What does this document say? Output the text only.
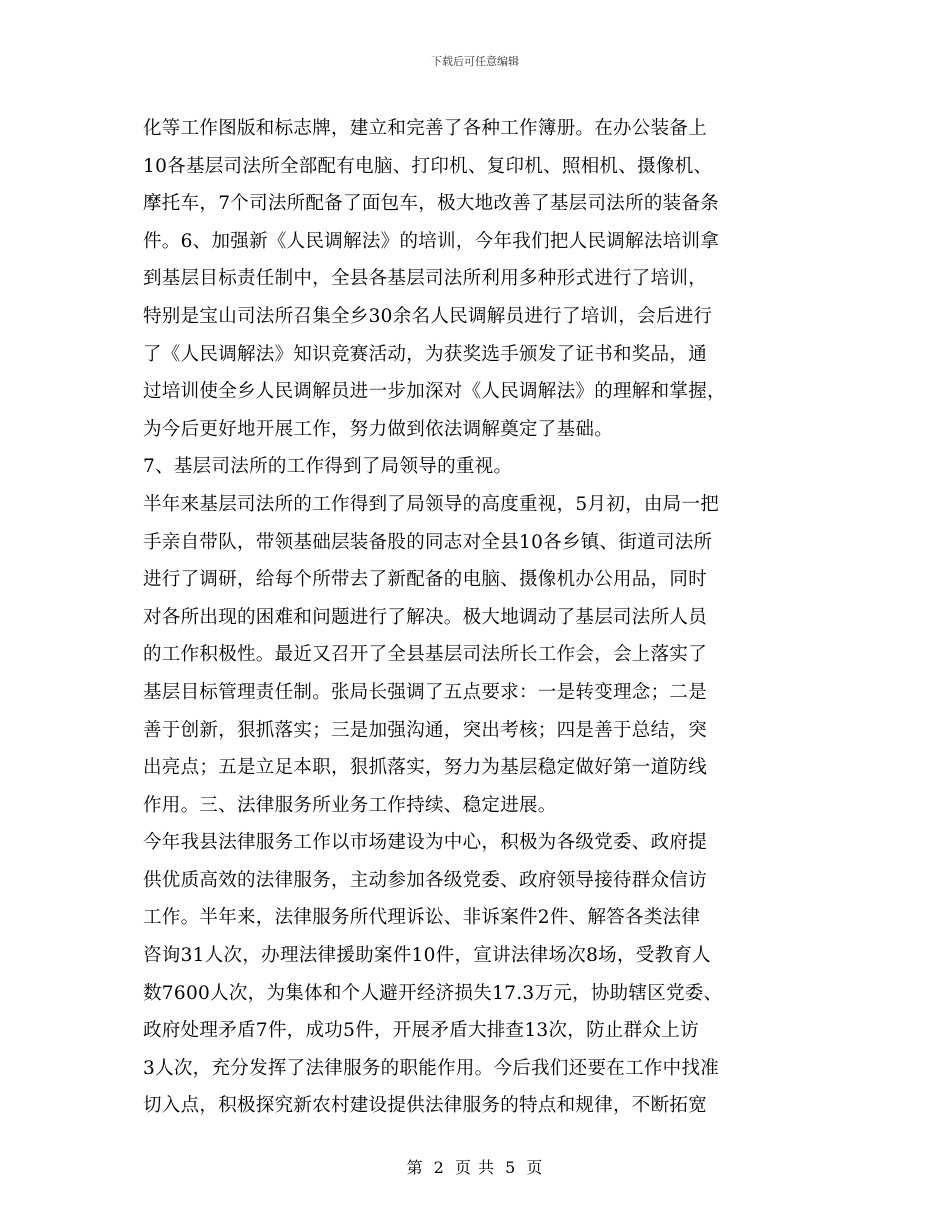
下载后可任意编辑
化等工作图版和标志牌，建立和完善了各种工作簿册。在办公装备上
10各基层司法所全部配有电脑、打印机、复印机、照相机、摄像机、
摩托车，7个司法所配备了面包车，极大地改善了基层司法所的装备条
件。6、加强新《人民调解法》的培训，今年我们把人民调解法培训拿
到基层目标责任制中，全县各基层司法所利用多种形式进行了培训，
特别是宝山司法所召集全乡30余名人民调解员进行了培训，会后进行
了《人民调解法》知识竞赛活动，为获奖选手颁发了证书和奖品，通
过培训使全乡人民调解员进一步加深对《人民调解法》的理解和掌握，
为今后更好地开展工作，努力做到依法调解奠定了基础。
7、基层司法所的工作得到了局领导的重视。
半年来基层司法所的工作得到了局领导的高度重视，5月初，由局一把
手亲自带队，带领基础层装备股的同志对全县10各乡镇、街道司法所
进行了调研，给每个所带去了新配备的电脑、摄像机办公用品，同时
对各所出现的困难和问题进行了解决。极大地调动了基层司法所人员
的工作积极性。最近又召开了全县基层司法所长工作会，会上落实了
基层目标管理责任制。张局长强调了五点要求：一是转变理念；二是
善于创新，狠抓落实；三是加强沟通，突出考核；四是善于总结，突
出亮点；五是立足本职，狠抓落实，努力为基层稳定做好第一道防线
作用。三、法律服务所业务工作持续、稳定进展。
今年我县法律服务工作以市场建设为中心，积极为各级党委、政府提
供优质高效的法律服务，主动参加各级党委、政府领导接待群众信访
工作。半年来，法律服务所代理诉讼、非诉案件2件、解答各类法律
咨询31人次，办理法律援助案件10件，宣讲法律场次8场，受教育人
数7600人次，为集体和个人避开经济损失17.3万元，协助辖区党委、
政府处理矛盾7件，成功5件，开展矛盾大排查13次，防止群众上访
3人次，充分发挥了法律服务的职能作用。今后我们还要在工作中找准
切入点，积极探究新农村建设提供法律服务的特点和规律，不断拓宽
第 2 页 共 5 页
